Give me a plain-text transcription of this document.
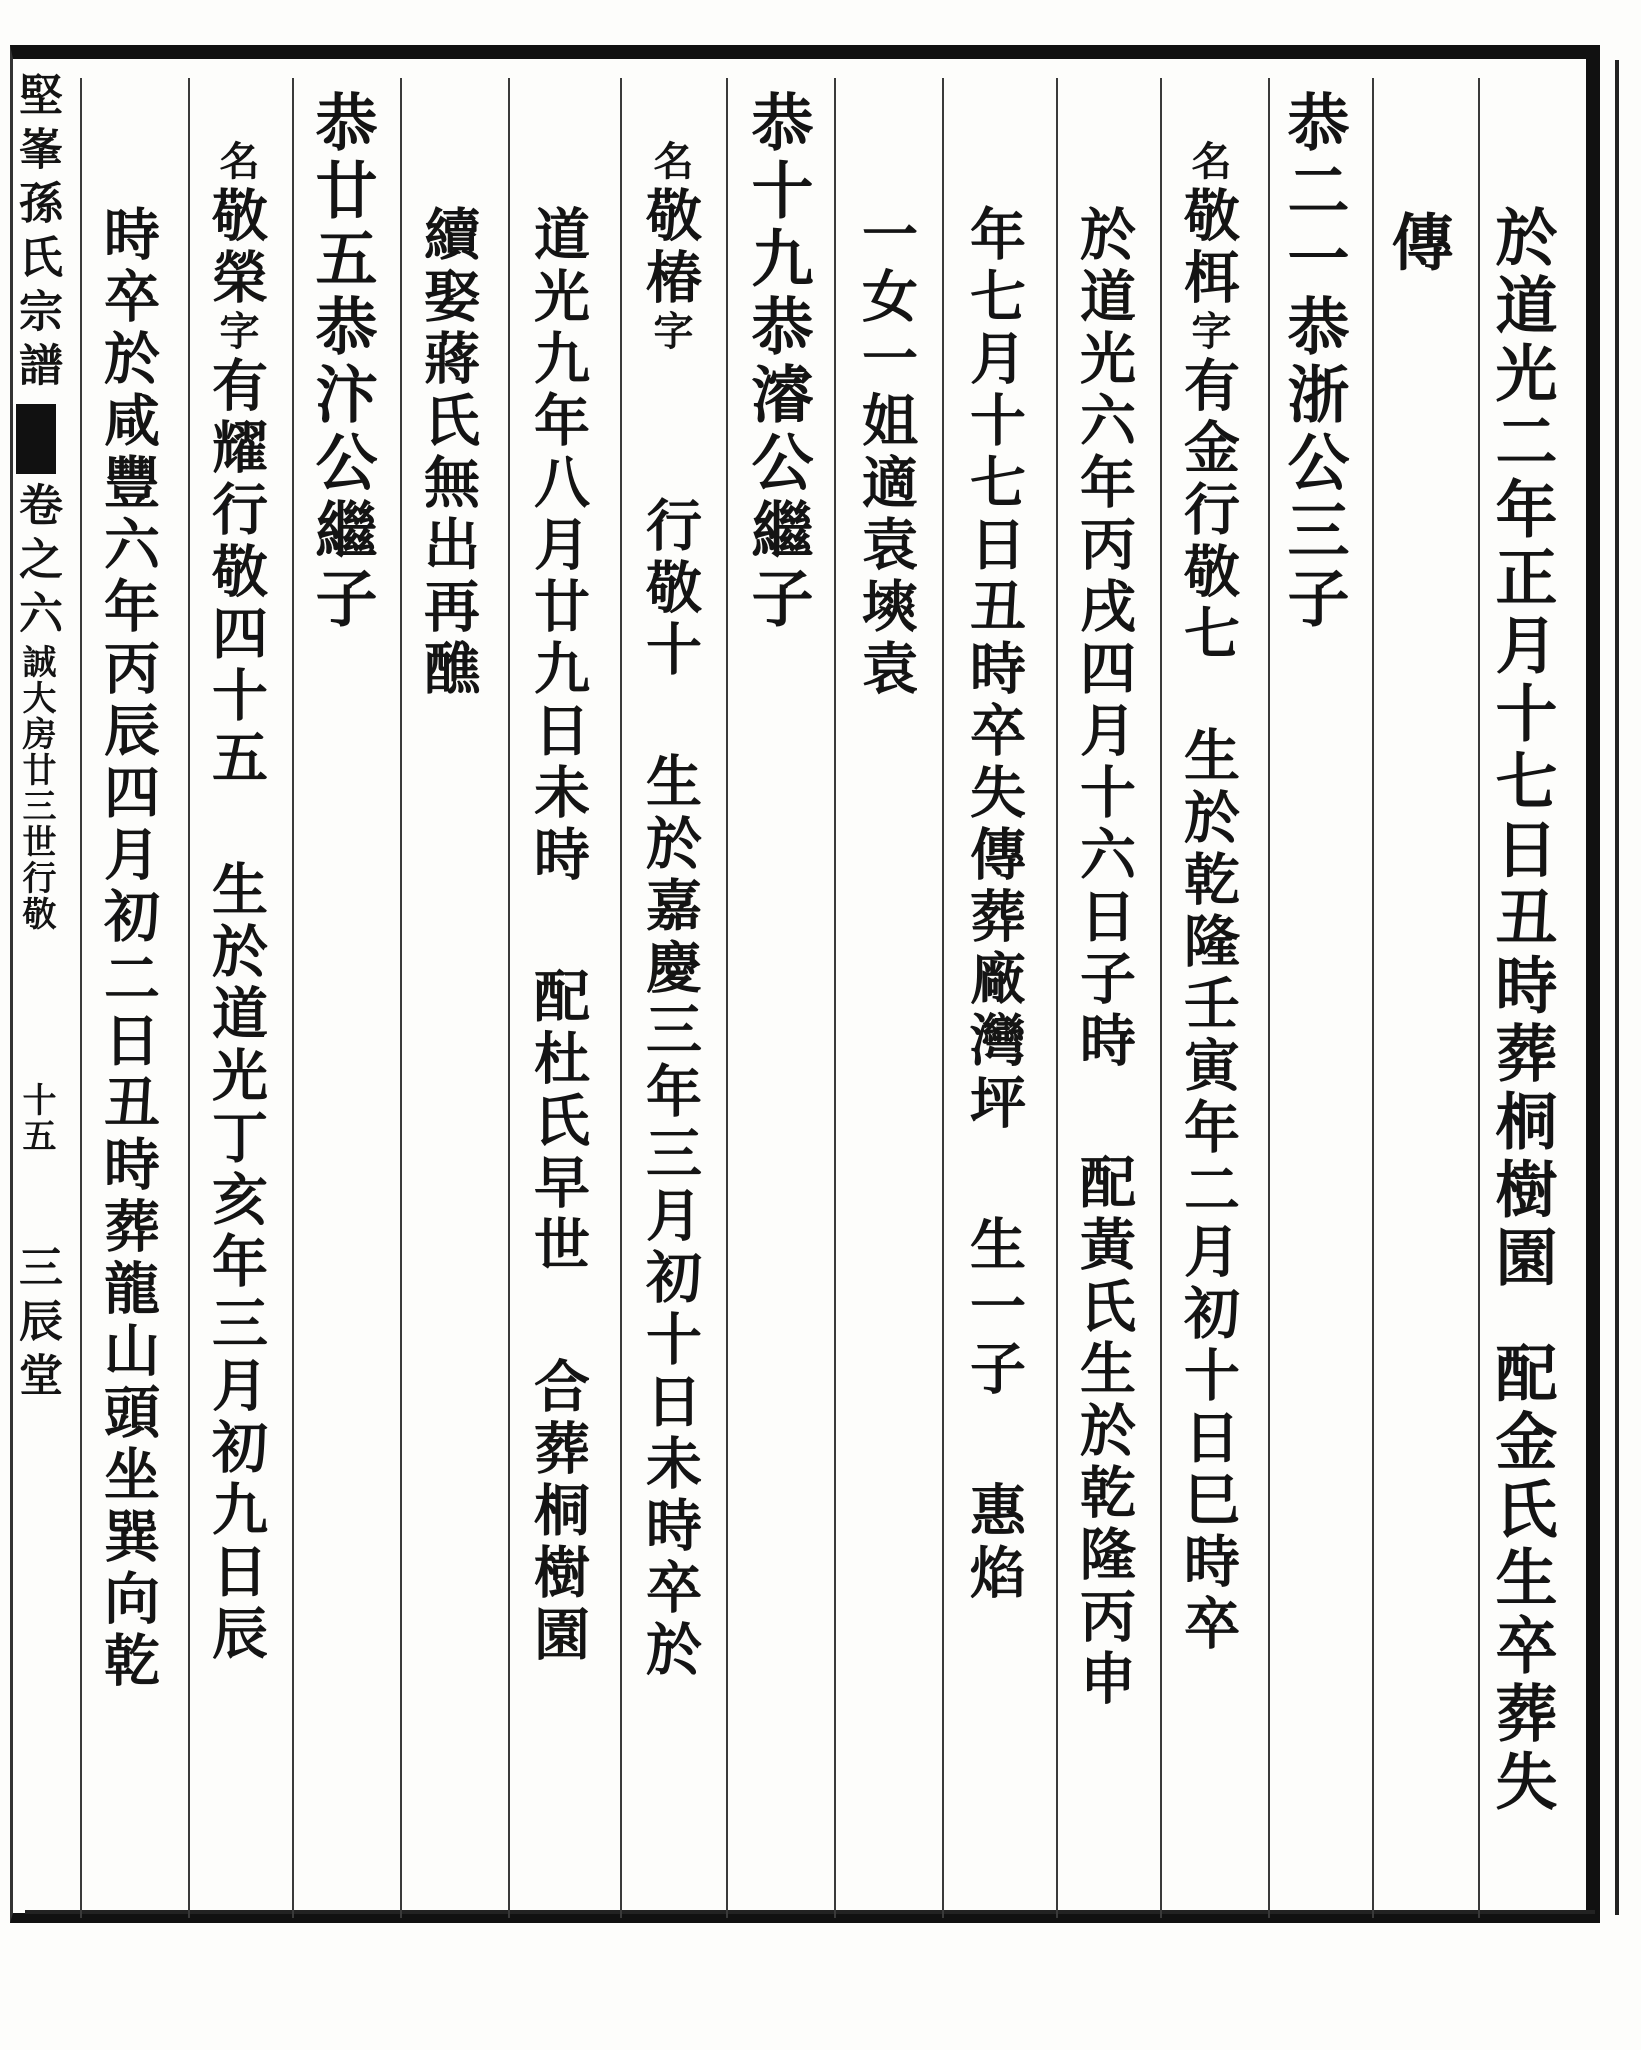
於道光二年正月十七日丑時葬桐樹園配金氏生卒葬失
傳
恭二一恭浙公三子
名敬栮字有金行敬七生於乾隆壬寅年二月初十日巳時卒
於道光六年丙戌四月十六日子時配黃氏生於乾隆丙申
年七月十七日丑時卒失傳葬廠灣坪生一子惠焰
一女一姐適袁塽袁
恭十九恭濬公繼子
名敬椿字行敬十生於嘉慶三年三月初十日未時卒於
道光九年八月廿九日未時配杜氏早世合葬桐樹園
續娶蔣氏無出再醮
恭廿五恭汴公繼子
名敬榮字有耀行敬四十五生於道光丁亥年三月初九日辰
時卒於咸豐六年丙辰四月初二日丑時葬龍山頭坐巽向乾
堅峯孫氏宗譜卷之六誠大房廿三世行敬十五三辰堂
